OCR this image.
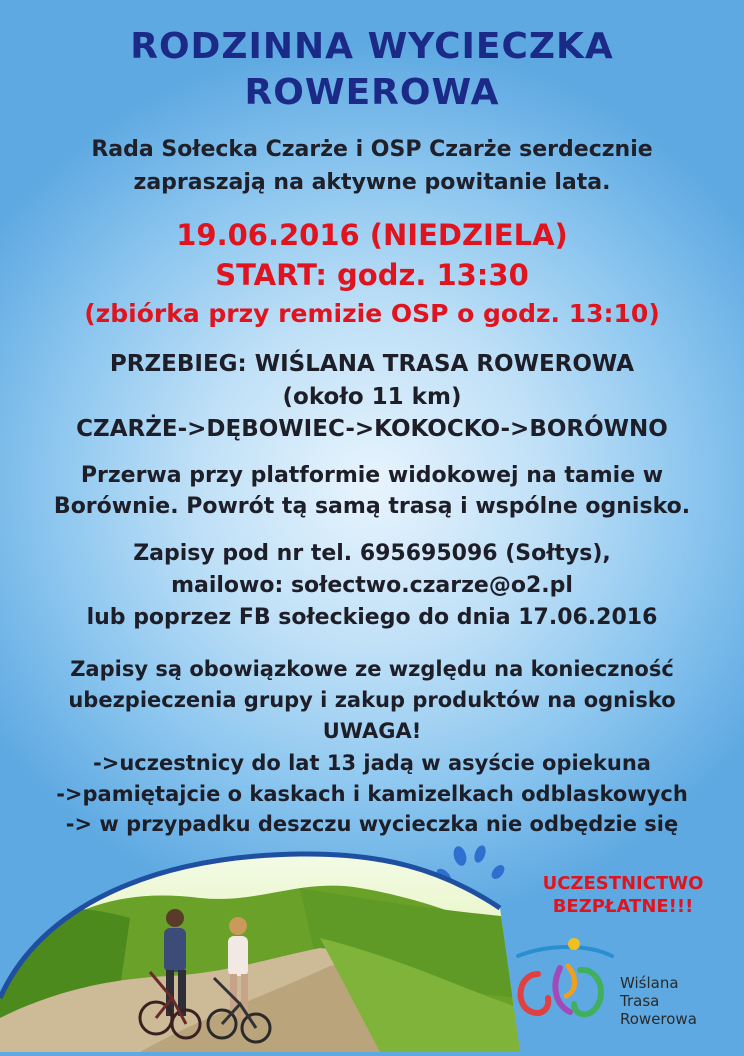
RODZINNA WYCIECZKA
ROWEROWA
Rada Sołecka Czarże i OSP Czarże serdecznie
zapraszają na aktywne powitanie lata.
19.06.2016 (NIEDZIELA)
START: godz. 13:30
(zbiórka przy remizie OSP o godz. 13:10)
PRZEBIEG: WIŚLANA TRASA ROWEROWA
(około 11 km)
CZARŻE->DĘBOWIEC->KOKOCKO->BORÓWNO
Przerwa przy platformie widokowej na tamie w
Borównie. Powrót tą samą trasą i wspólne ognisko.
Zapisy pod nr tel. 695695096 (Sołtys),
mailowo: sołectwo.czarze@o2.pl
lub poprzez FB sołeckiego do dnia 17.06.2016
Zapisy są obowiązkowe ze względu na konieczność
ubezpieczenia grupy i zakup produktów na ognisko
UWAGA!
->uczestnicy do lat 13 jadą w asyście opiekuna
->pamiętajcie o kaskach i kamizelkach odblaskowych
-> w przypadku deszczu wycieczka nie odbędzie się
UCZESTNICTWO
BEZPŁATNE!!!
Wiślana
Trasa
Rowerowa
